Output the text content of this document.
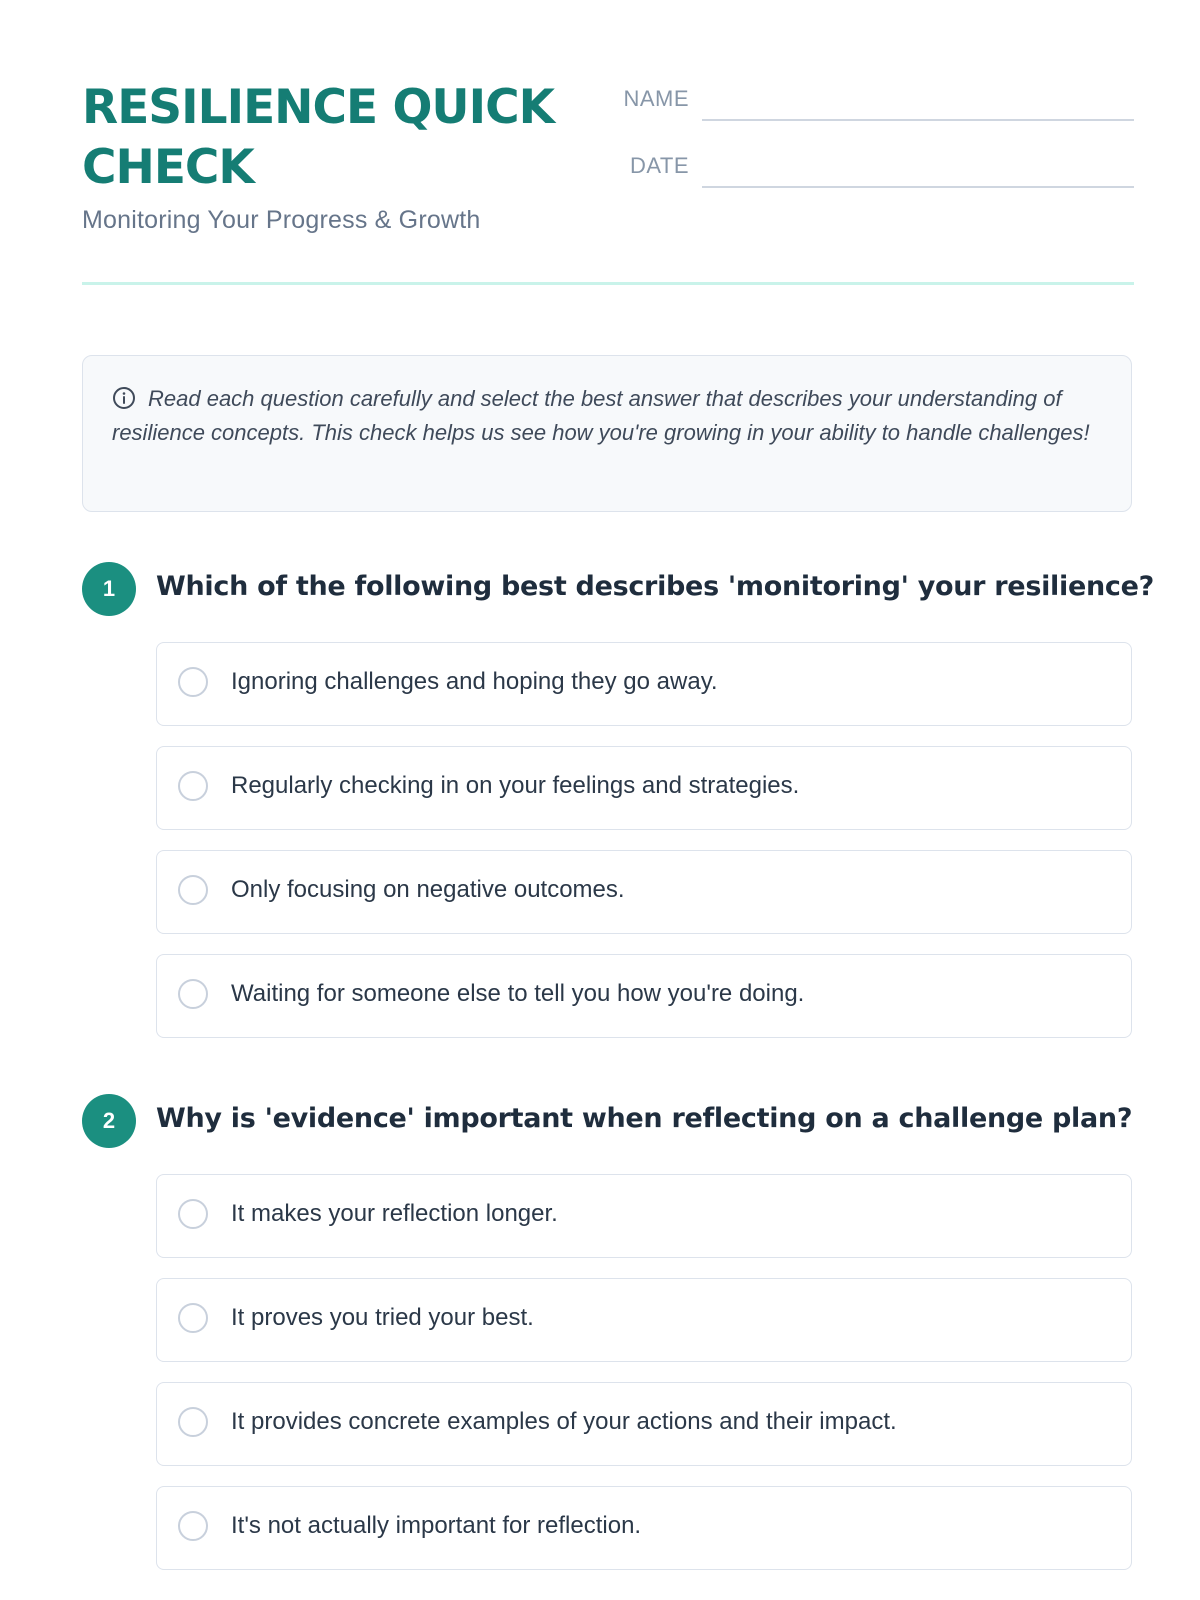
RESILIENCE QUICK CHECK
Monitoring Your Progress & Growth
NAME
DATE

Read each question carefully and select the best answer that describes your understanding of resilience concepts. This check helps us see how you're growing in your ability to handle challenges!

1	Which of the following best describes 'monitoring' your resilience?
Ignoring challenges and hoping they go away.
Regularly checking in on your feelings and strategies.
Only focusing on negative outcomes.
Waiting for someone else to tell you how you're doing.
2	Why is 'evidence' important when reflecting on a challenge plan?
It makes your reflection longer.
It proves you tried your best.
It provides concrete examples of your actions and their impact.
It's not actually important for reflection.
